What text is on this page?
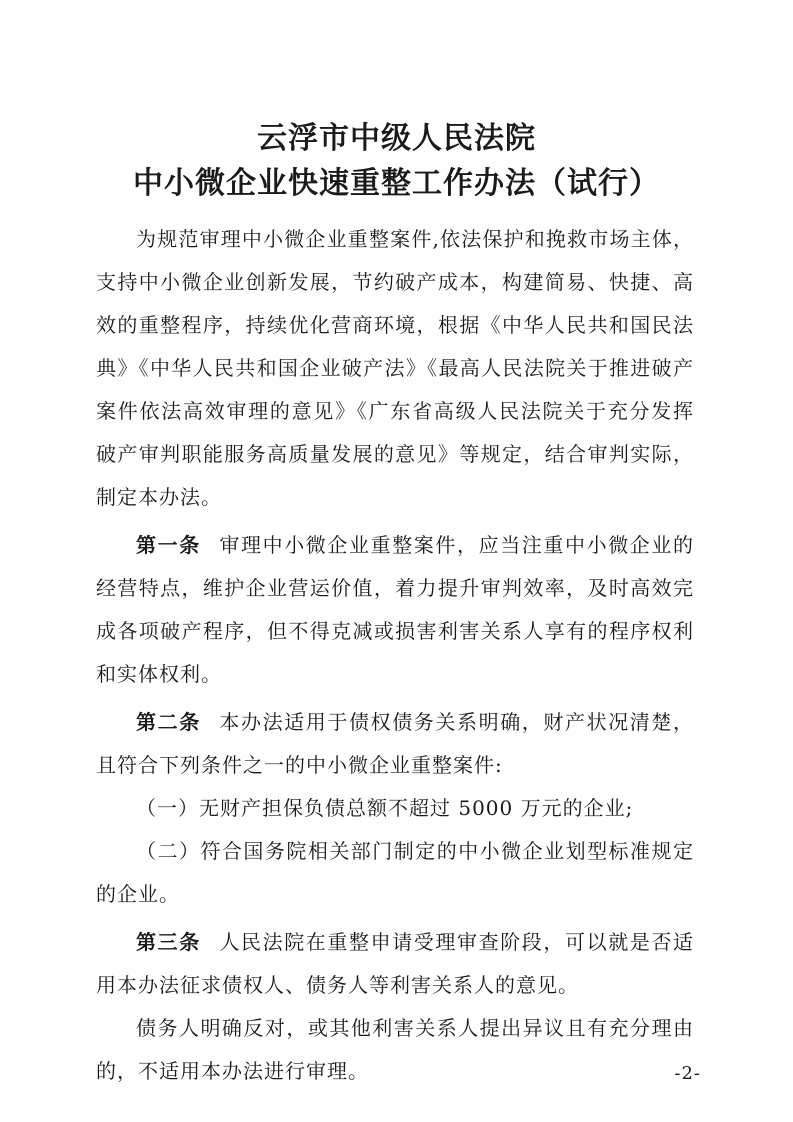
云浮市中级人民法院
中小微企业快速重整工作办法（试行）

为规范审理中小微企业重整案件,依法保护和挽救市场主体，支持中小微企业创新发展，节约破产成本，构建简易、快捷、高效的重整程序，持续优化营商环境，根据《中华人民共和国民法典》《中华人民共和国企业破产法》《最高人民法院关于推进破产案件依法高效审理的意见》《广东省高级人民法院关于充分发挥破产审判职能服务高质量发展的意见》等规定，结合审判实际，制定本办法。

第一条 审理中小微企业重整案件，应当注重中小微企业的经营特点，维护企业营运价值，着力提升审判效率，及时高效完成各项破产程序，但不得克减或损害利害关系人享有的程序权利和实体权利。

第二条 本办法适用于债权债务关系明确，财产状况清楚，且符合下列条件之一的中小微企业重整案件:

（一）无财产担保负债总额不超过 5000 万元的企业;

（二）符合国务院相关部门制定的中小微企业划型标准规定的企业。

第三条 人民法院在重整申请受理审查阶段，可以就是否适用本办法征求债权人、债务人等利害关系人的意见。

债务人明确反对，或其他利害关系人提出异议且有充分理由的，不适用本办法进行审理。	-2-
